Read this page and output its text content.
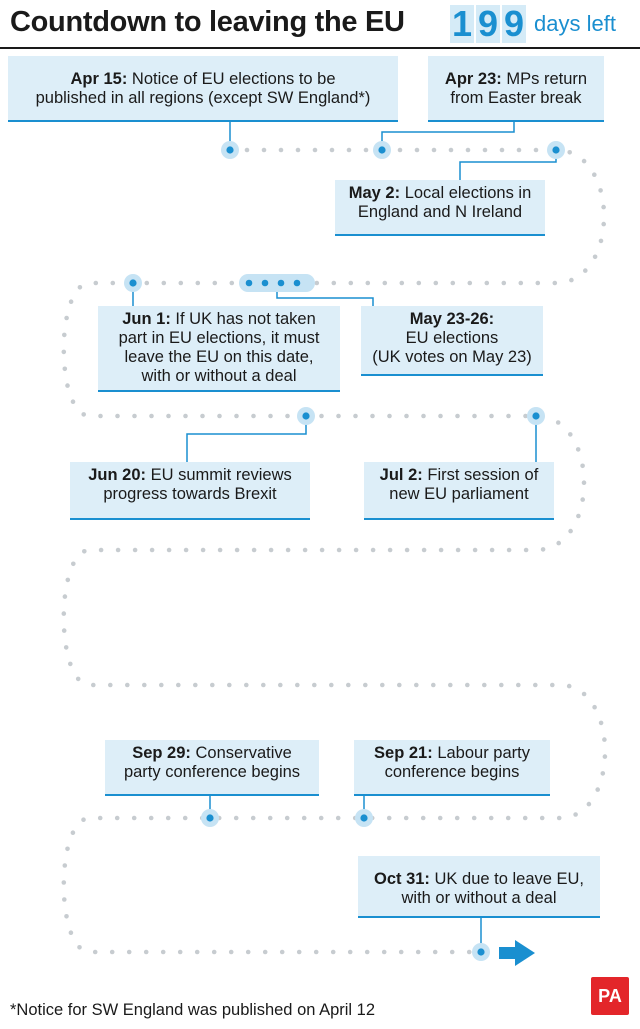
Countdown to leaving the EU 1 9 9 days left
Apr 15: Notice of EU elections to be
published in all regions (except SW England*)
Apr 23: MPs return
from Easter break
May 2: Local elections in
England and N Ireland
Jun 1: If UK has not taken
part in EU elections, it must
leave the EU on this date,
with or without a deal
May 23-26:
EU elections
(UK votes on May 23)
Jun 20: EU summit reviews
progress towards Brexit
Jul 2: First session of
new EU parliament
Sep 29: Conservative
party conference begins
Sep 21: Labour party
conference begins
Oct 31: UK due to leave EU,
with or without a deal
*Notice for SW England was published on April 12
PA
